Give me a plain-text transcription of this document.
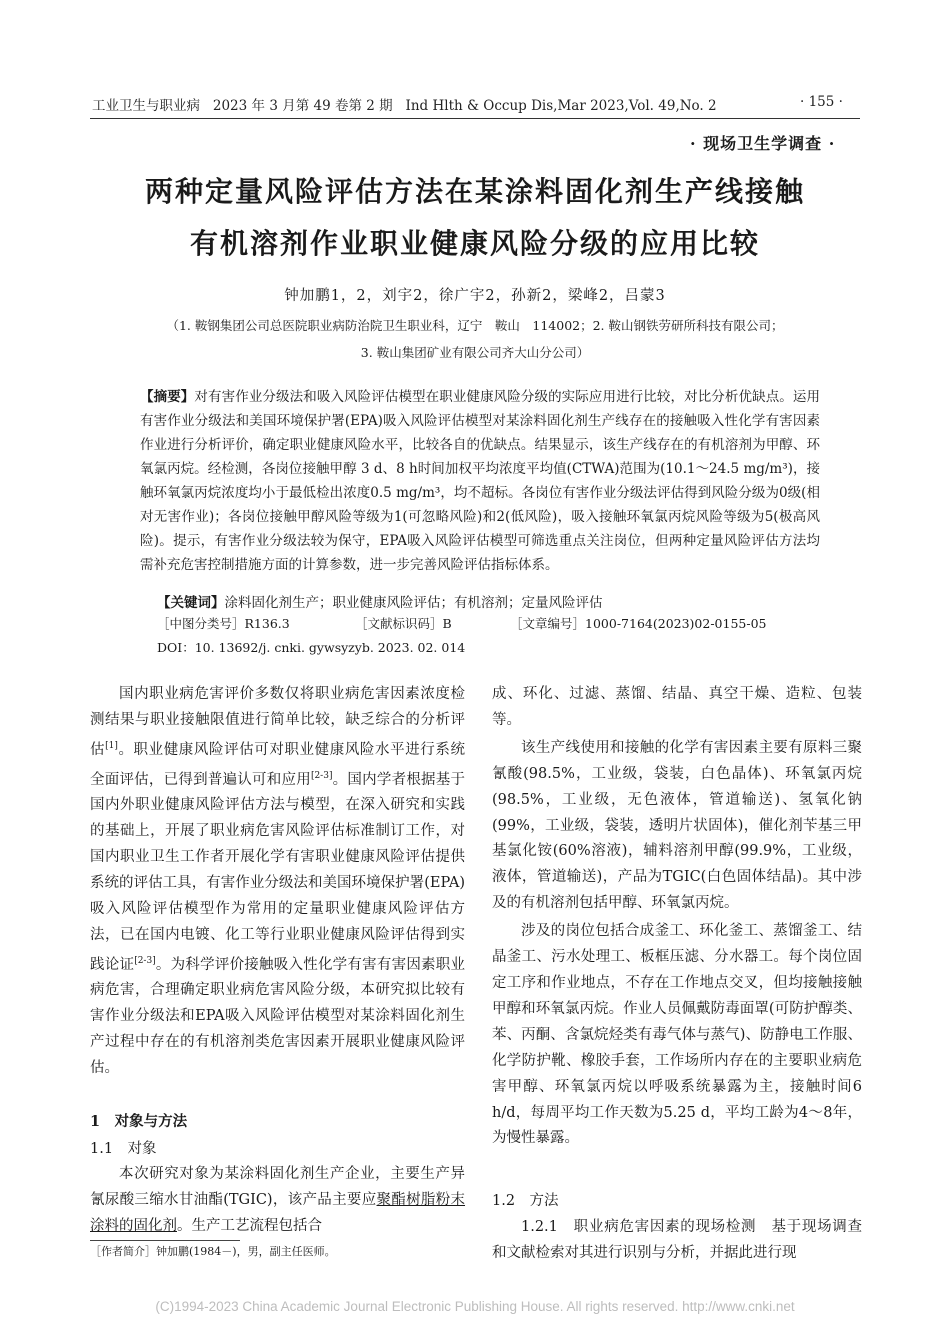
工业卫生与职业病 2023 年 3 月第 49 卷第 2 期 Ind Hlth & Occup Dis,Mar 2023,Vol. 49,No. 2	· 155 ·
· 现场卫生学调查 ·
两种定量风险评估方法在某涂料固化剂生产线接触
有机溶剂作业职业健康风险分级的应用比较
钟加鹏1，2，刘宇2，徐广宇2，孙新2，梁峰2，吕蒙3
（1. 鞍钢集团公司总医院职业病防治院卫生职业科，辽宁　鞍山　114002；2. 鞍山钢铁劳研所科技有限公司；
3. 鞍山集团矿业有限公司齐大山分公司）
【摘要】对有害作业分级法和吸入风险评估模型在职业健康风险分级的实际应用进行比较，对比分析优缺点。运用有害作业分级法和美国环境保护署(EPA)吸入风险评估模型对某涂料固化剂生产线存在的接触吸入性化学有害因素作业进行分析评价，确定职业健康风险水平，比较各自的优缺点。结果显示，该生产线存在的有机溶剂为甲醇、环氧氯丙烷。经检测，各岗位接触甲醇 3 d、8 h时间加权平均浓度平均值(CTWA)范围为(10.1～24.5 mg/m³)，接触环氧氯丙烷浓度均小于最低检出浓度0.5 mg/m³，均不超标。各岗位有害作业分级法评估得到风险分级为0级(相对无害作业)；各岗位接触甲醇风险等级为1(可忽略风险)和2(低风险)，吸入接触环氧氯丙烷风险等级为5(极高风险)。提示，有害作业分级法较为保守，EPA吸入风险评估模型可筛选重点关注岗位，但两种定量风险评估方法均需补充危害控制措施方面的计算参数，进一步完善风险评估指标体系。
【关键词】涂料固化剂生产；职业健康风险评估；有机溶剂；定量风险评估
［中图分类号］R136.3	［文献标识码］B	［文章编号］1000-7164(2023)02-0155-05
DOI：10. 13692/j. cnki. gywsyzyb. 2023. 02. 014

国内职业病危害评价多数仅将职业病危害因素浓度检测结果与职业接触限值进行简单比较，缺乏综合的分析评估[1]。职业健康风险评估可对职业健康风险水平进行系统全面评估，已得到普遍认可和应用[2-3]。国内学者根据基于国内外职业健康风险评估方法与模型，在深入研究和实践的基础上，开展了职业病危害风险评估标准制订工作，对国内职业卫生工作者开展化学有害职业健康风险评估提供系统的评估工具，有害作业分级法和美国环境保护署(EPA)吸入风险评估模型作为常用的定量职业健康风险评估方法，已在国内电镀、化工等行业职业健康风险评估得到实践论证[2-3]。为科学评价接触吸入性化学有害有害因素职业病危害，合理确定职业病危害风险分级，本研究拟比较有害作业分级法和EPA吸入风险评估模型对某涂料固化剂生产过程中存在的有机溶剂类危害因素开展职业健康风险评估。

1　对象与方法
1.1　对象

本次研究对象为某涂料固化剂生产企业，主要生产异氰尿酸三缩水甘油酯(TGIC)，该产品主要应聚酯树脂粉末涂料的固化剂。生产工艺流程包括合

［作者简介］钟加鹏(1984－)，男，副主任医师。

成、环化、过滤、蒸馏、结晶、真空干燥、造粒、包装等。

该生产线使用和接触的化学有害因素主要有原料三聚氰酸(98.5%，工业级，袋装，白色晶体)、环氧氯丙烷(98.5%，工业级，无色液体，管道输送)、氢氧化钠(99%，工业级，袋装，透明片状固体)，催化剂苄基三甲基氯化铵(60%溶液)，辅料溶剂甲醇(99.9%，工业级，液体，管道输送)，产品为TGIC(白色固体结晶)。其中涉及的有机溶剂包括甲醇、环氧氯丙烷。

涉及的岗位包括合成釜工、环化釜工、蒸馏釜工、结晶釜工、污水处理工、板框压滤、分水器工。每个岗位固定工序和作业地点，不存在工作地点交叉，但均接触接触甲醇和环氧氯丙烷。作业人员佩戴防毒面罩(可防护醇类、苯、丙酮、含氯烷烃类有毒气体与蒸气)、防静电工作服、化学防护靴、橡胶手套，工作场所内存在的主要职业病危害甲醇、环氧氯丙烷以呼吸系统暴露为主，接触时间6 h/d，每周平均工作天数为5.25 d，平均工龄为4～8年，为慢性暴露。

1.2　方法

1.2.1　职业病危害因素的现场检测　基于现场调查和文献检索对其进行识别与分析，并据此进行现

(C)1994-2023 China Academic Journal Electronic Publishing House. All rights reserved. http://www.cnki.net
